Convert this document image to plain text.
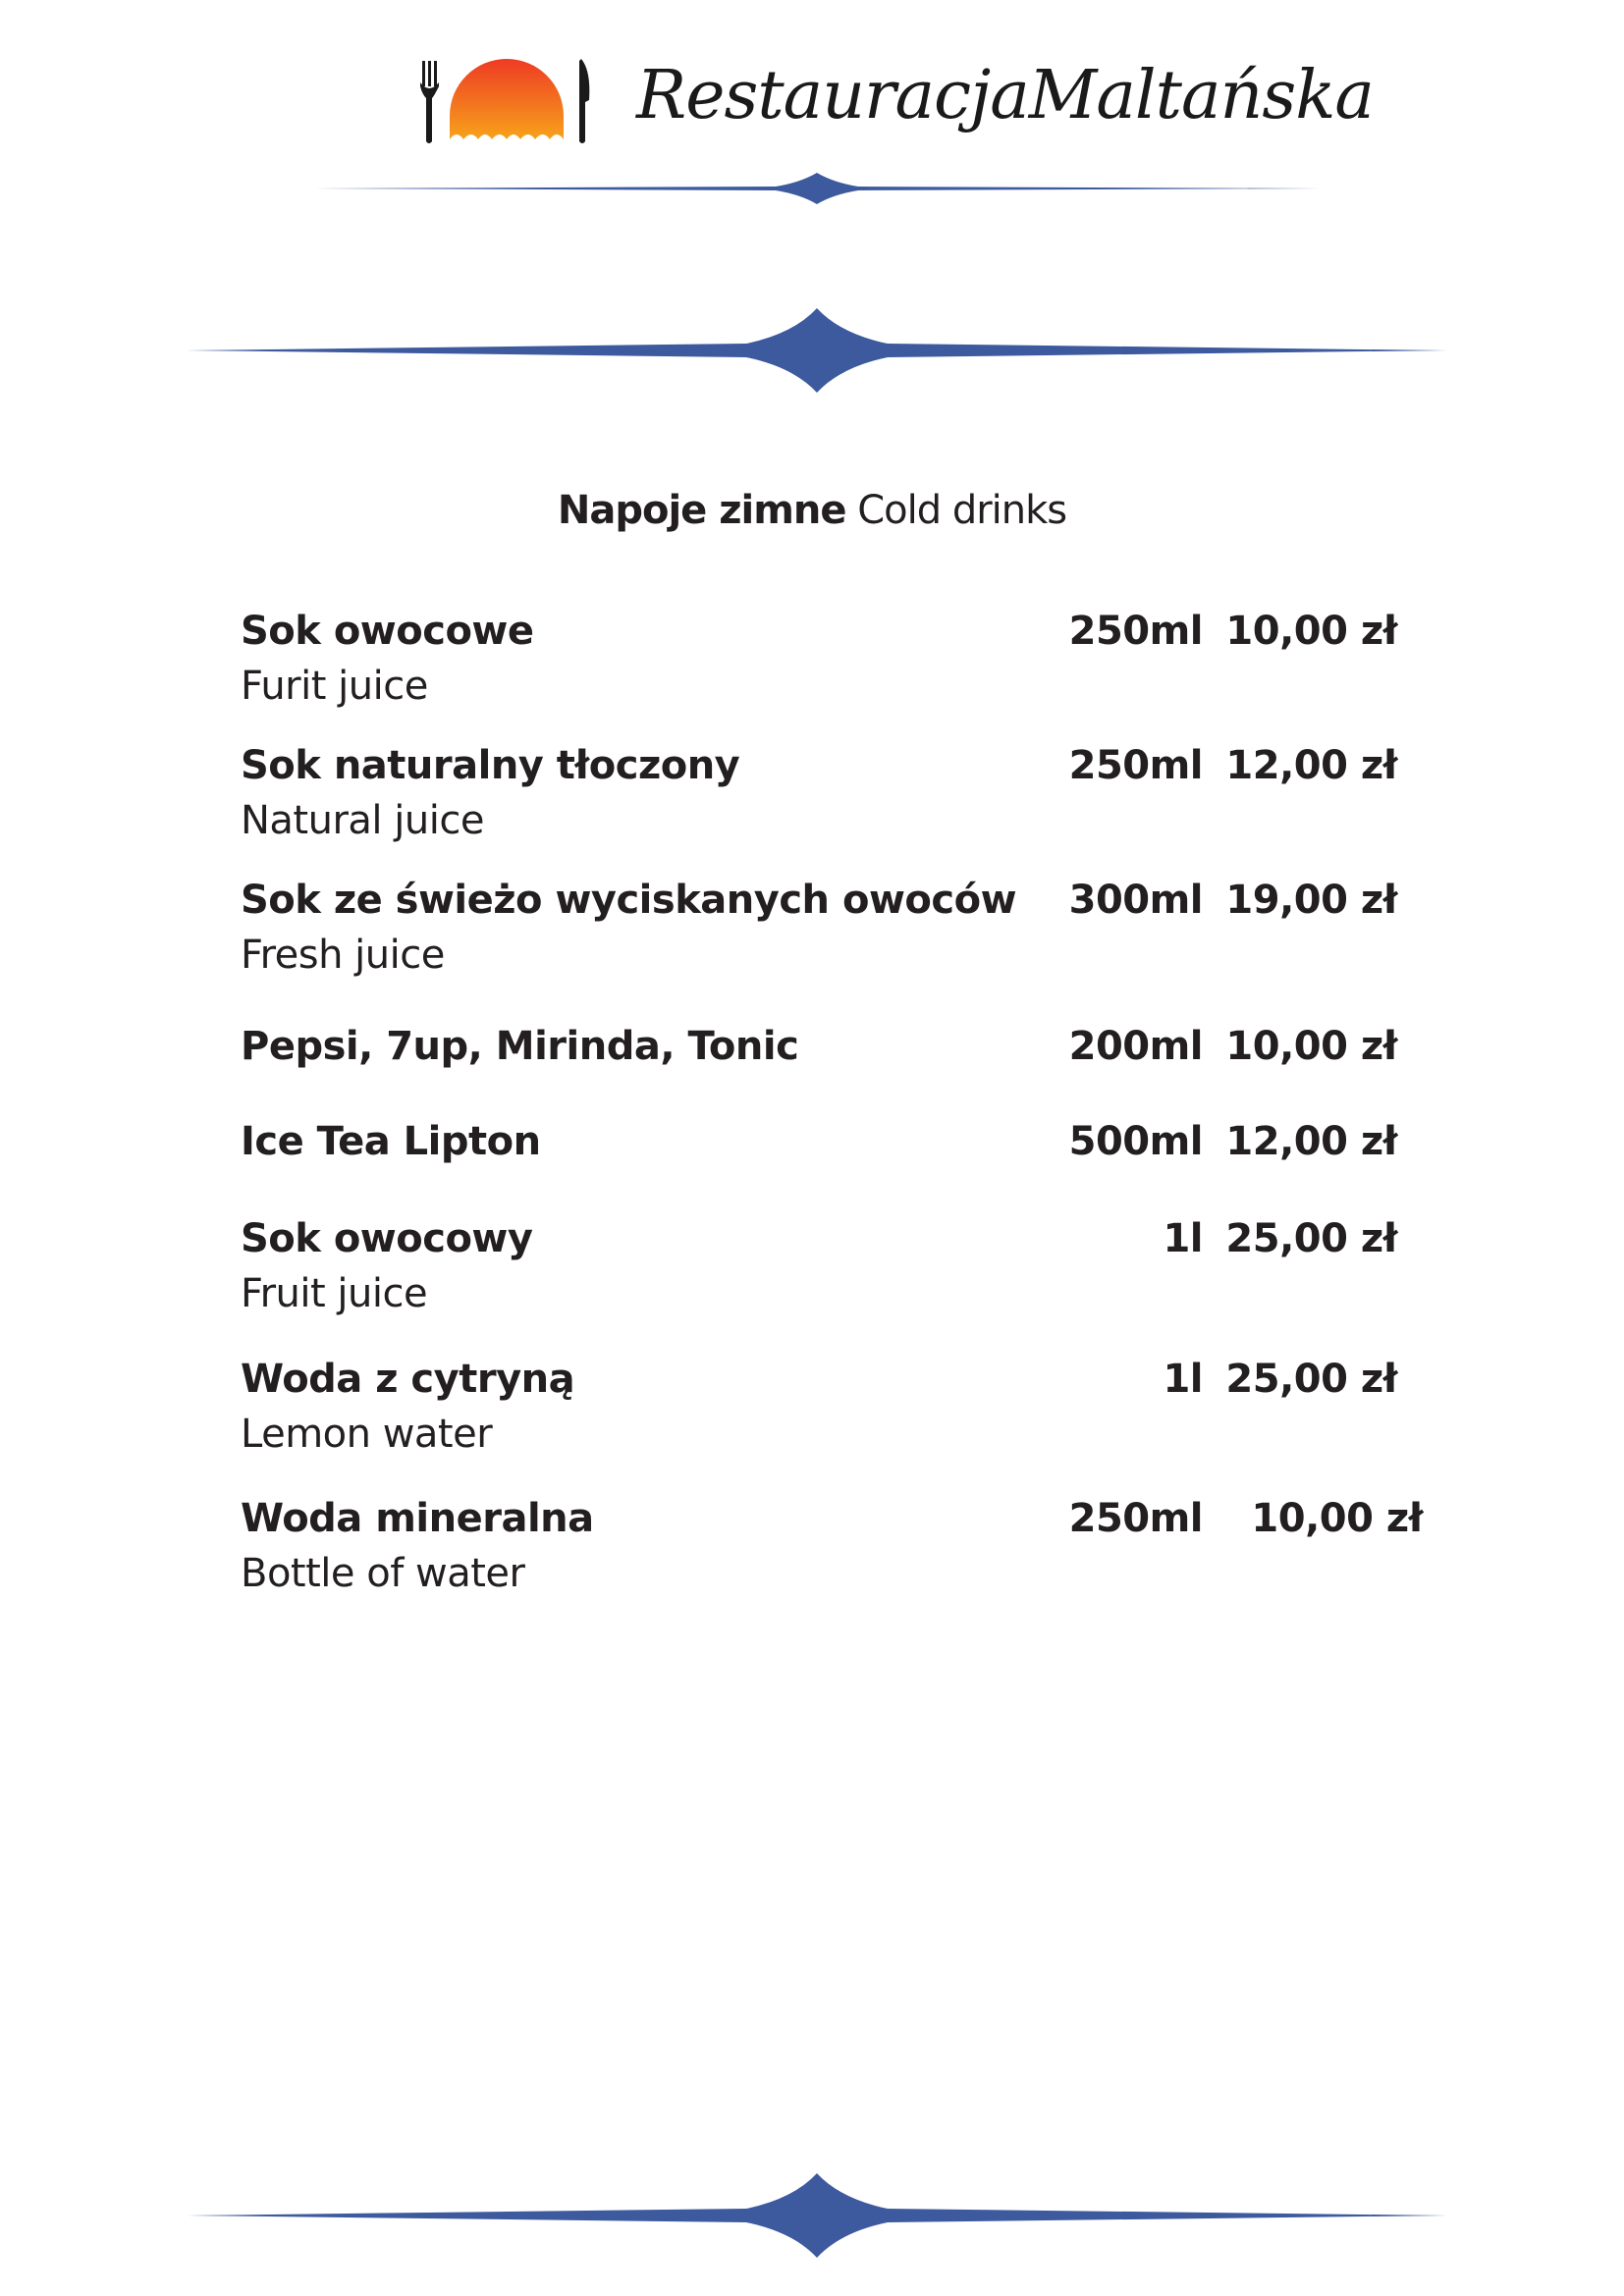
RestauracjaMaltańska
Napoje zimne Cold drinks
Sok owocowe
Furit juice
250ml 10,00 zł
Sok naturalny tłoczony
Natural juice
250ml 12,00 zł
Sok ze świeżo wyciskanych owoców
Fresh juice
300ml 19,00 zł
Pepsi, 7up, Mirinda, Tonic	200ml 10,00 zł
Ice Tea Lipton	500ml 12,00 zł
Sok owocowy
Fruit juice
1l 25,00 zł
Woda z cytryną
Lemon water
1l 25,00 zł
Woda mineralna
Bottle of water
250ml 10,00 zł
